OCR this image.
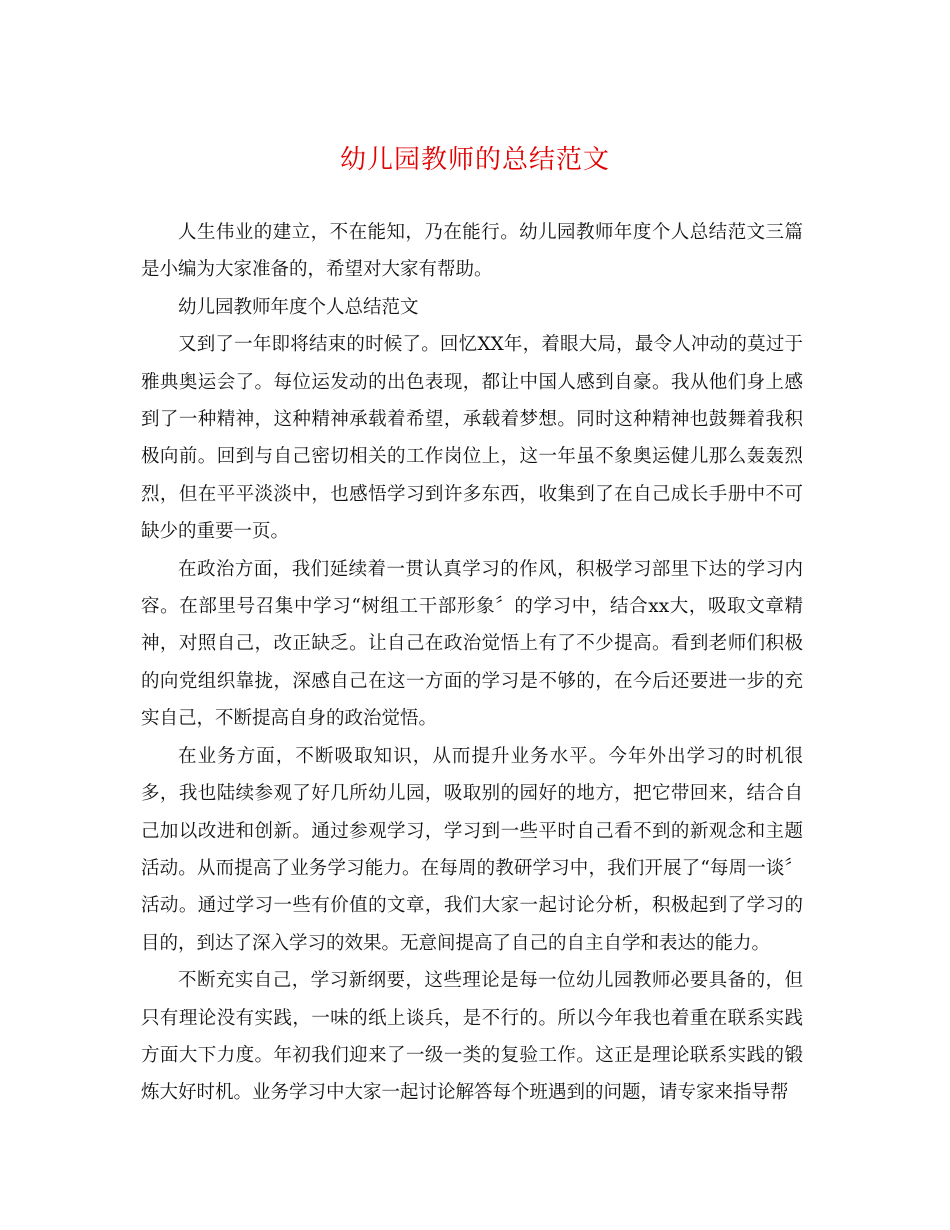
幼儿园教师的总结范文

人生伟业的建立，不在能知，乃在能行。幼儿园教师年度个人总结范文三篇是小编为大家准备的，希望对大家有帮助。

幼儿园教师年度个人总结范文

又到了一年即将结束的时候了。回忆XX年，着眼大局，最令人冲动的莫过于雅典奥运会了。每位运发动的出色表现，都让中国人感到自豪。我从他们身上感到了一种精神，这种精神承载着希望，承载着梦想。同时这种精神也鼓舞着我积极向前。回到与自己密切相关的工作岗位上，这一年虽不象奥运健儿那么轰轰烈烈，但在平平淡淡中，也感悟学习到许多东西，收集到了在自己成长手册中不可缺少的重要一页。

在政治方面，我们延续着一贯认真学习的作风，积极学习部里下达的学习内容。在部里号召集中学习“树组工干部形象〞的学习中，结合xx大，吸取文章精神，对照自己，改正缺乏。让自己在政治觉悟上有了不少提高。看到老师们积极的向党组织靠拢，深感自己在这一方面的学习是不够的，在今后还要进一步的充实自己，不断提高自身的政治觉悟。

在业务方面，不断吸取知识，从而提升业务水平。今年外出学习的时机很多，我也陆续参观了好几所幼儿园，吸取别的园好的地方，把它带回来，结合自己加以改进和创新。通过参观学习，学习到一些平时自己看不到的新观念和主题活动。从而提高了业务学习能力。在每周的教研学习中，我们开展了“每周一谈〞活动。通过学习一些有价值的文章，我们大家一起讨论分析，积极起到了学习的目的，到达了深入学习的效果。无意间提高了自己的自主自学和表达的能力。

不断充实自己，学习新纲要，这些理论是每一位幼儿园教师必要具备的，但只有理论没有实践，一味的纸上谈兵，是不行的。所以今年我也着重在联系实践方面大下力度。年初我们迎来了一级一类的复验工作。这正是理论联系实践的锻炼大好时机。业务学习中大家一起讨论解答每个班遇到的问题，请专家来指导帮
